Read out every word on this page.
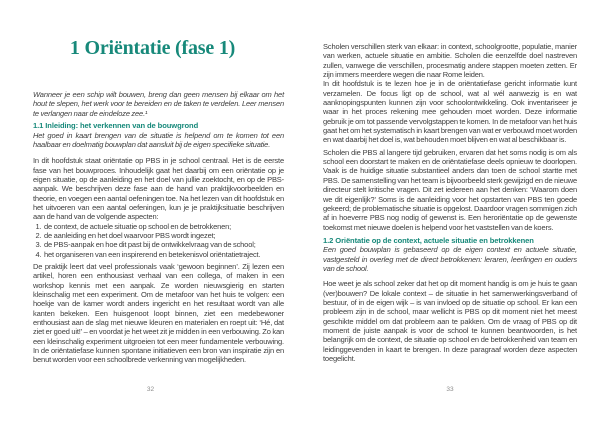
1 Oriëntatie (fase 1)

Wanneer je een schip wilt bouwen, breng dan geen mensen bij elkaar om het hout te slepen, het werk voor te bereiden en de taken te verdelen. Leer mensen te verlangen naar de eindeloze zee.¹

1.1 Inleiding: het verkennen van de bouwgrond

Het goed in kaart brengen van de situatie is helpend om te komen tot een haalbaar en doelmatig bouwplan dat aansluit bij de eigen specifieke situatie.

In dit hoofdstuk staat oriëntatie op PBS in je school centraal. Het is de eerste fase van het bouwproces. Inhoudelijk gaat het daarbij om een oriëntatie op je eigen situatie, op de aanleiding en het doel van jullie zoektocht, en op de PBS-aanpak. We beschrijven deze fase aan de hand van praktijkvoorbeelden en theorie, en voegen een aantal oefeningen toe. Na het lezen van dit hoofdstuk en het uitvoeren van een aantal oefeningen, kun je je praktijksituatie beschrijven aan de hand van de volgende aspecten:

1. de context, de actuele situatie op school en de betrokkenen;
2. de aanleiding en het doel waarvoor PBS wordt ingezet;
3. de PBS-aanpak en hoe dit past bij de ontwikkelvraag van de school;
4. het organiseren van een inspirerend en betekenisvol oriëntatietraject.

De praktijk leert dat veel professionals vaak ‘gewoon beginnen’. Zij lezen een artikel, horen een enthousiast verhaal van een collega, of maken in een workshop kennis met een aanpak. Ze worden nieuwsgierig en starten kleinschalig met een experiment. Om de metafoor van het huis te volgen: een hoekje van de kamer wordt anders ingericht en het resultaat wordt van alle kanten bekeken. Een huisgenoot loopt binnen, ziet een medebewoner enthousiast aan de slag met nieuwe kleuren en materialen en roept uit: ‘Hé, dat ziet er goed uit!’ – en voordat je het weet zit je midden in een verbouwing. Zo kan een kleinschalig experiment uitgroeien tot een meer fundamentele verbouwing. In de oriëntatiefase kunnen spontane initiatieven een bron van inspiratie zijn en benut worden voor een schoolbrede verkenning van mogelijkheden.

32

Scholen verschillen sterk van elkaar: in context, schoolgrootte, populatie, manier van werken, actuele situatie en ambitie. Scholen die eenzelfde doel nastreven zullen, vanwege die verschillen, procesmatig andere stappen moeten zetten. Er zijn immers meerdere wegen die naar Rome leiden.

In dit hoofdstuk is te lezen hoe je in de oriëntatiefase gericht informatie kunt verzamelen. De focus ligt op de school, wat al wél aanwezig is en wat aanknopingspunten kunnen zijn voor schoolontwikkeling. Ook inventariseer je waar in het proces rekening mee gehouden moet worden. Deze informatie gebruik je om tot passende vervolgstappen te komen. In de metafoor van het huis gaat het om het systematisch in kaart brengen van wat er verbouwd moet worden en wat daarbij het doel is, wat behouden moet blijven en wat al beschikbaar is.

Scholen die PBS al langere tijd gebruiken, ervaren dat het soms nodig is om als school een doorstart te maken en de oriëntatiefase deels opnieuw te doorlopen. Vaak is de huidige situatie substantieel anders dan toen de school startte met PBS. De samenstelling van het team is bijvoorbeeld sterk gewijzigd en de nieuwe directeur stelt kritische vragen. Dit zet iedereen aan het denken: ‘Waarom doen we dit eigenlijk?’ Soms is de aanleiding voor het opstarten van PBS ten goede gekeerd; de problematische situatie is opgelost. Daardoor vragen sommigen zich af in hoeverre PBS nog nodig of gewenst is. Een heroriëntatie op de gewenste toekomst met nieuwe doelen is helpend voor het vaststellen van de koers.

1.2 Oriëntatie op de context, actuele situatie en betrokkenen

Een goed bouwplan is gebaseerd op de eigen context en actuele situatie, vastgesteld in overleg met de direct betrokkenen: leraren, leerlingen en ouders van de school.

Hoe weet je als school zeker dat het op dit moment handig is om je huis te gaan (ver)bouwen? De lokale context – de situatie in het samenwerkingsverband of bestuur, of in de eigen wijk – is van invloed op de situatie op school. Er kan een probleem zijn in de school, maar wellicht is PBS op dit moment niet het meest geschikte middel om dat probleem aan te pakken. Om de vraag of PBS op dit moment de juiste aanpak is voor de school te kunnen beantwoorden, is het belangrijk om de context, de situatie op school en de betrokkenheid van team en leidinggevenden in kaart te brengen. In deze paragraaf worden deze aspecten toegelicht.

33
